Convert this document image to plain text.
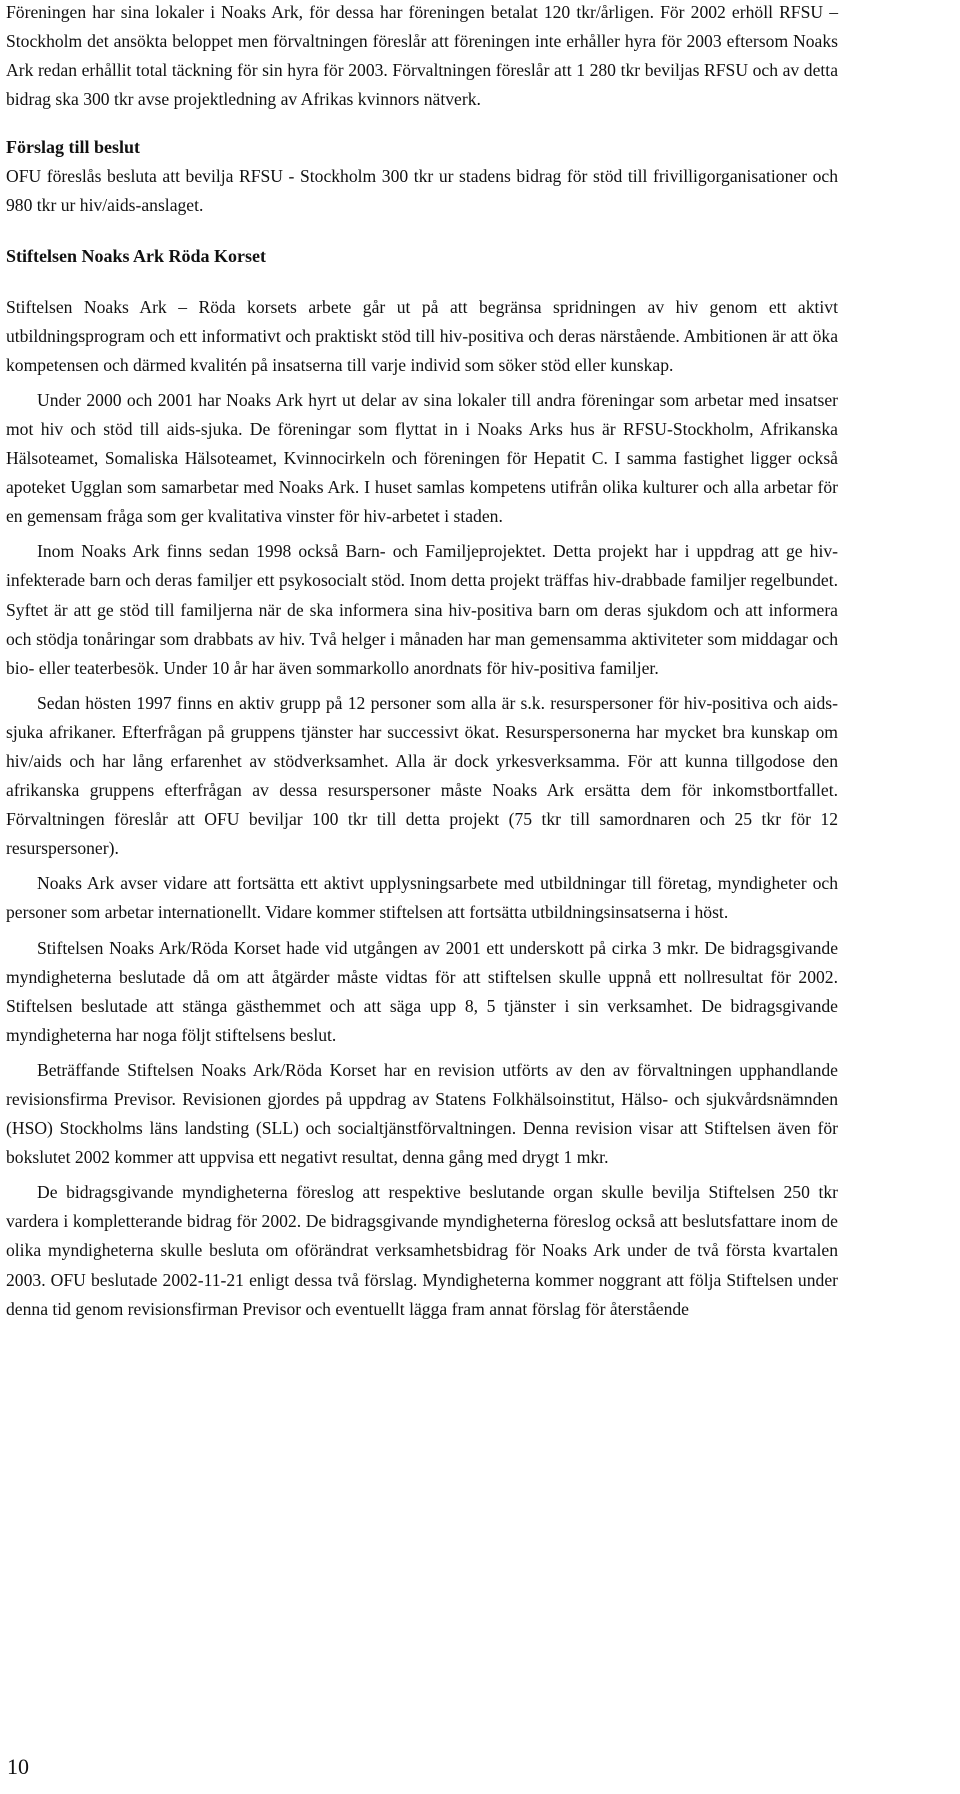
Föreningen har sina lokaler i Noaks Ark, för dessa har föreningen betalat 120 tkr/årligen. För 2002 erhöll RFSU – Stockholm det ansökta beloppet men förvaltningen föreslår att föreningen inte erhåller hyra för 2003 eftersom Noaks Ark redan erhållit total täckning för sin hyra för 2003. Förvaltningen föreslår att 1 280 tkr beviljas RFSU och av detta bidrag ska 300 tkr avse projektledning av Afrikas kvinnors nätverk.

Förslag till beslut

OFU föreslås besluta att bevilja RFSU - Stockholm 300 tkr ur stadens bidrag för stöd till frivilligorganisationer och 980 tkr ur hiv/aids-anslaget.

Stiftelsen Noaks Ark Röda Korset

Stiftelsen Noaks Ark – Röda korsets arbete går ut på att begränsa spridningen av hiv genom ett aktivt utbildningsprogram och ett informativt och praktiskt stöd till hiv-positiva och deras närstående. Ambitionen är att öka kompetensen och därmed kvalitén på insatserna till varje individ som söker stöd eller kunskap.

Under 2000 och 2001 har Noaks Ark hyrt ut delar av sina lokaler till andra föreningar som arbetar med insatser mot hiv och stöd till aids-sjuka. De föreningar som flyttat in i Noaks Arks hus är RFSU-Stockholm, Afrikanska Hälsoteamet, Somaliska Hälsoteamet, Kvinnocirkeln och föreningen för Hepatit C. I samma fastighet ligger också apoteket Ugglan som samarbetar med Noaks Ark. I huset samlas kompetens utifrån olika kulturer och alla arbetar för en gemensam fråga som ger kvalitativa vinster för hiv-arbetet i staden.

Inom Noaks Ark finns sedan 1998 också Barn- och Familjeprojektet. Detta projekt har i uppdrag att ge hiv-infekterade barn och deras familjer ett psykosocialt stöd. Inom detta projekt träffas hiv-drabbade familjer regelbundet. Syftet är att ge stöd till familjerna när de ska informera sina hiv-positiva barn om deras sjukdom och att informera och stödja tonåringar som drabbats av hiv. Två helger i månaden har man gemensamma aktiviteter som middagar och bio- eller teaterbesök. Under 10 år har även sommarkollo anordnats för hiv-positiva familjer.

Sedan hösten 1997 finns en aktiv grupp på 12 personer som alla är s.k. resurspersoner för hiv-positiva och aids-sjuka afrikaner. Efterfrågan på gruppens tjänster har successivt ökat. Resurspersonerna har mycket bra kunskap om hiv/aids och har lång erfarenhet av stödverksamhet. Alla är dock yrkesverksamma. För att kunna tillgodose den afrikanska gruppens efterfrågan av dessa resurspersoner måste Noaks Ark ersätta dem för inkomstbortfallet. Förvaltningen föreslår att OFU beviljar 100 tkr till detta projekt (75 tkr till samordnaren och 25 tkr för 12 resurspersoner).

Noaks Ark avser vidare att fortsätta ett aktivt upplysningsarbete med utbildningar till företag, myndigheter och personer som arbetar internationellt. Vidare kommer stiftelsen att fortsätta utbildningsinsatserna i höst.

Stiftelsen Noaks Ark/Röda Korset hade vid utgången av 2001 ett underskott på cirka 3 mkr. De bidragsgivande myndigheterna beslutade då om att åtgärder måste vidtas för att stiftelsen skulle uppnå ett nollresultat för 2002. Stiftelsen beslutade att stänga gästhemmet och att säga upp 8, 5 tjänster i sin verksamhet. De bidragsgivande myndigheterna har noga följt stiftelsens beslut.

Beträffande Stiftelsen Noaks Ark/Röda Korset har en revision utförts av den av förvaltningen upphandlande revisionsfirma Previsor. Revisionen gjordes på uppdrag av Statens Folkhälsoinstitut, Hälso- och sjukvårdsnämnden (HSO) Stockholms läns landsting (SLL) och socialtjänstförvaltningen. Denna revision visar att Stiftelsen även för bokslutet 2002 kommer att uppvisa ett negativt resultat, denna gång med drygt 1 mkr.

De bidragsgivande myndigheterna föreslog att respektive beslutande organ skulle bevilja Stiftelsen 250 tkr vardera i kompletterande bidrag för 2002. De bidragsgivande myndigheterna föreslog också att beslutsfattare inom de olika myndigheterna skulle besluta om oförändrat verksamhetsbidrag för Noaks Ark under de två första kvartalen 2003. OFU beslutade 2002-11-21 enligt dessa två förslag. Myndigheterna kommer noggrant att följa Stiftelsen under denna tid genom revisionsfirman Previsor och eventuellt lägga fram annat förslag för återstående

10
